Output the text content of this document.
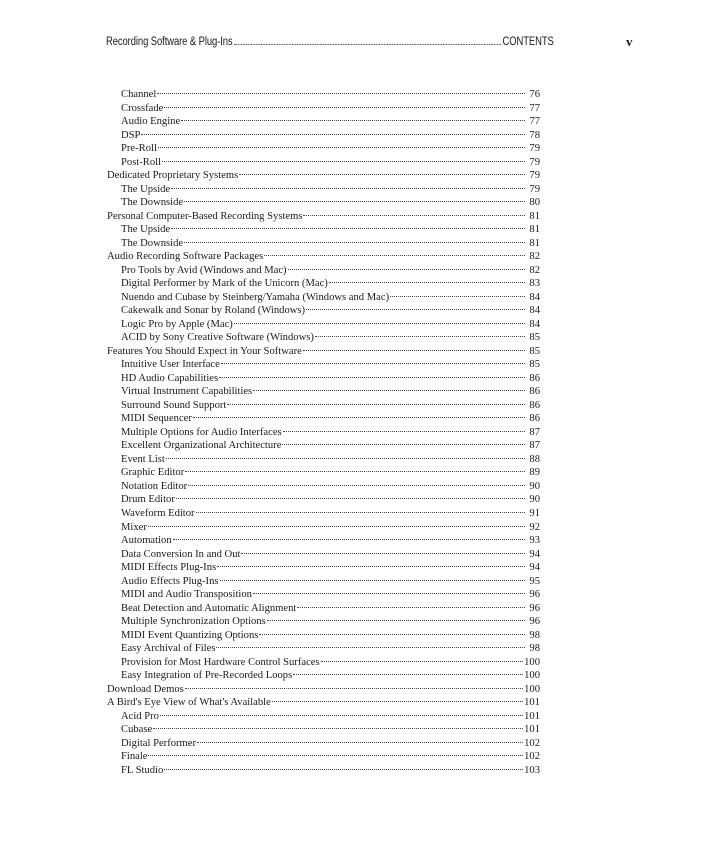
Recording Software & Plug-Ins	CONTENTS	v
Channel	76
Crossfade	77
Audio Engine	77
DSP	78
Pre-Roll	79
Post-Roll	79
Dedicated Proprietary Systems	79
The Upside	79
The Downside	80
Personal Computer-Based Recording Systems	81
The Upside	81
The Downside	81
Audio Recording Software Packages	82
Pro Tools by Avid (Windows and Mac)	82
Digital Performer by Mark of the Unicorn (Mac)	83
Nuendo and Cubase by Steinberg/Yamaha (Windows and Mac)	84
Cakewalk and Sonar by Roland (Windows)	84
Logic Pro by Apple (Mac)	84
ACID by Sony Creative Software (Windows)	85
Features You Should Expect in Your Software	85
Intuitive User Interface	85
HD Audio Capabilities	86
Virtual Instrument Capabilities	86
Surround Sound Support	86
MIDI Sequencer	86
Multiple Options for Audio Interfaces	87
Excellent Organizational Architecture	87
Event List	88
Graphic Editor	89
Notation Editor	90
Drum Editor	90
Waveform Editor	91
Mixer	92
Automation	93
Data Conversion In and Out	94
MIDI Effects Plug-Ins	94
Audio Effects Plug-Ins	95
MIDI and Audio Transposition	96
Beat Detection and Automatic Alignment	96
Multiple Synchronization Options	96
MIDI Event Quantizing Options	98
Easy Archival of Files	98
Provision for Most Hardware Control Surfaces	100
Easy Integration of Pre-Recorded Loops	100
Download Demos	100
A Bird's Eye View of What's Available	101
Acid Pro	101
Cubase	101
Digital Performer	102
Finale	102
FL Studio	103
